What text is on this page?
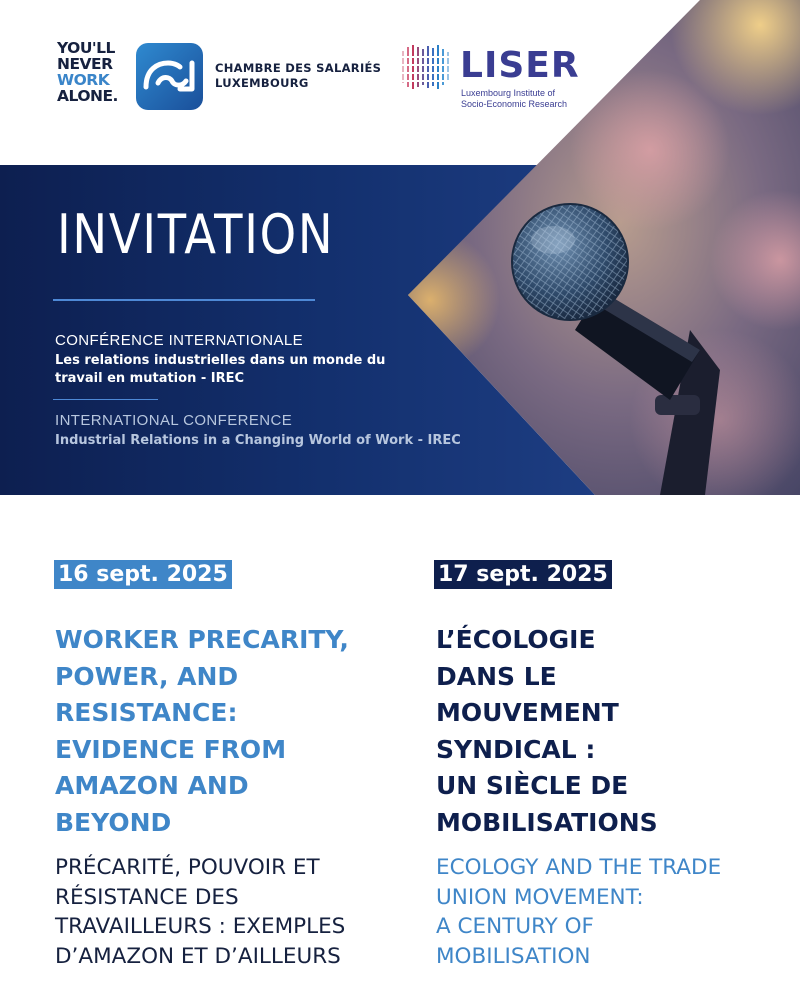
YOU'LL
NEVER
WORK
ALONE.
CHAMBRE DES SALARIÉS
LUXEMBOURG	LISER
Luxembourg Institute of
Socio-Economic Research
INVITATION
CONFÉRENCE INTERNATIONALE
Les relations industrielles dans un monde du travail en mutation - IREC
INTERNATIONAL CONFERENCE
Industrial Relations in a Changing World of Work - IREC
16 sept. 2025
WORKER PRECARITY,
POWER, AND
RESISTANCE:
EVIDENCE FROM
AMAZON AND
BEYOND
PRÉCARITÉ, POUVOIR ET
RÉSISTANCE DES
TRAVAILLEURS : EXEMPLES
D’AMAZON ET D’AILLEURS
17 sept. 2025
L’ÉCOLOGIE
DANS LE
MOUVEMENT
SYNDICAL :
UN SIÈCLE DE
MOBILISATIONS
ECOLOGY AND THE TRADE
UNION MOVEMENT:
A CENTURY OF
MOBILISATION
